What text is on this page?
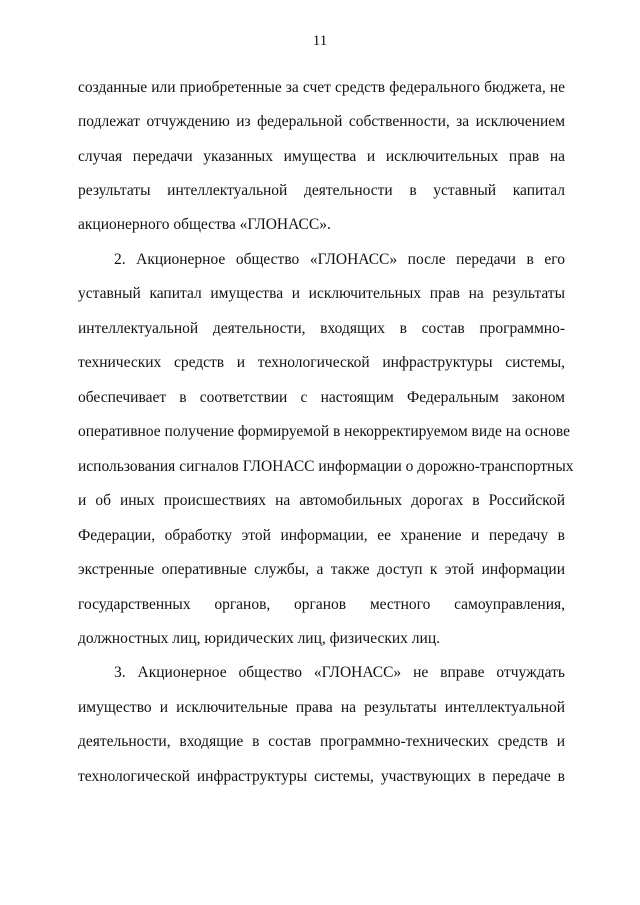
11
созданные или приобретенные за счет средств федерального бюджета, не
подлежат отчуждению из федеральной собственности, за исключением
случая передачи указанных имущества и исключительных прав на
результаты интеллектуальной деятельности в уставный капитал
акционерного общества «ГЛОНАСС».
2. Акционерное общество «ГЛОНАСС» после передачи в его
уставный капитал имущества и исключительных прав на результаты
интеллектуальной деятельности, входящих в состав программно-
технических средств и технологической инфраструктуры системы,
обеспечивает в соответствии с настоящим Федеральным законом
оперативное получение формируемой в некорректируемом виде на основе
использования сигналов ГЛОНАСС информации о дорожно-транспортных
и об иных происшествиях на автомобильных дорогах в Российской
Федерации, обработку этой информации, ее хранение и передачу в
экстренные оперативные службы, а также доступ к этой информации
государственных органов, органов местного самоуправления,
должностных лиц, юридических лиц, физических лиц.
3. Акционерное общество «ГЛОНАСС» не вправе отчуждать
имущество и исключительные права на результаты интеллектуальной
деятельности, входящие в состав программно-технических средств и
технологической инфраструктуры системы, участвующих в передаче в
